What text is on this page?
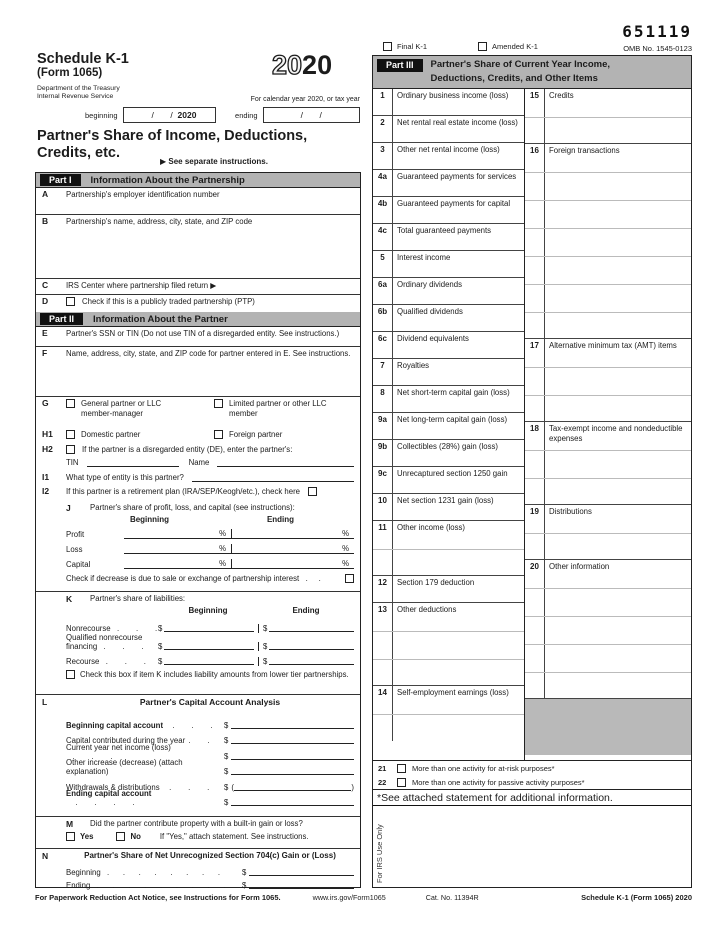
Schedule K-1
(Form 1065)
Department of the Treasury
Internal Revenue Service
2020
For calendar year 2020, or tax year
beginning	/       / 2020	ending	/       /
Partner's Share of Income, Deductions,
Credits, etc.
▶ See separate instructions.
651119
Final K-1	Amended K-1	OMB No. 1545-0123
Part I	Information About the Partnership
A	Partnership's employer identification number
B	Partnership's name, address, city, state, and ZIP code
C	IRS Center where partnership filed return ▶
D	Check if this is a publicly traded partnership (PTP)
Part II	Information About the Partner
E	Partner's SSN or TIN (Do not use TIN of a disregarded entity. See instructions.)
F	Name, address, city, state, and ZIP code for partner entered in E. See instructions.
G	General partner or LLC member-manager
Limited partner or other LLC member
H1	Domestic partner	Foreign partner
H2	If the partner is a disregarded entity (DE), enter the partner's:
TIN	Name
I1	What type of entity is this partner?
I2	If this partner is a retirement plan (IRA/SEP/Keogh/etc.), check here
J	Partner's share of profit, loss, and capital (see instructions):
Beginning	Ending
Profit	%	%
Loss	%	%
Capital	%	%
Check if decrease is due to sale or exchange of partnership interest   .     .
K	Partner's share of liabilities:
Beginning	Ending
Nonrecourse  .     .     . $	$
Qualified nonrecourse financing  .     .     .	$	$
Recourse  .     .     .	$	$
Check this box if item K includes liability amounts from lower tier partnerships.
L	Partner's Capital Account Analysis
Beginning capital account   .     .     .	$
Capital contributed during the year .     .	$
Current year net income (loss)  .     .     .	$
Other increase (decrease) (attach explanation)	$
Withdrawals & distributions   .     .     .	$ (	)
Ending capital account   .     .     .     .	$
M	Did the partner contribute property with a built-in gain or loss?
Yes	No If "Yes," attach statement. See instructions.
N	Partner's Share of Net Unrecognized Section 704(c) Gain or (Loss)
Beginning  .    .    .    .    .    .    .    .	$
Ending  .    .    .    .    .    .    .    .    .	$
Part III	Partner's Share of Current Year Income,
Deductions, Credits, and Other Items
1	Ordinary business income (loss)
2	Net rental real estate income (loss)
3	Other net rental income (loss)
4a	Guaranteed payments for services
4b	Guaranteed payments for capital
4c	Total guaranteed payments
5	Interest income
6a	Ordinary dividends
6b	Qualified dividends
6c	Dividend equivalents
7	Royalties
8	Net short-term capital gain (loss)
9a	Net long-term capital gain (loss)
9b	Collectibles (28%) gain (loss)
9c	Unrecaptured section 1250 gain
10	Net section 1231 gain (loss)
11	Other income (loss)
12	Section 179 deduction
13	Other deductions
14	Self-employment earnings (loss)
15	Credits
16	Foreign transactions
17	Alternative minimum tax (AMT) items
18	Tax-exempt income and nondeductible expenses
19	Distributions
20	Other information
21	More than one activity for at-risk purposes*
22	More than one activity for passive activity purposes*
*See attached statement for additional information.
For IRS Use Only
For Paperwork Reduction Act Notice, see Instructions for Form 1065.	www.irs.gov/Form1065	Cat. No. 11394R	Schedule K-1 (Form 1065) 2020
